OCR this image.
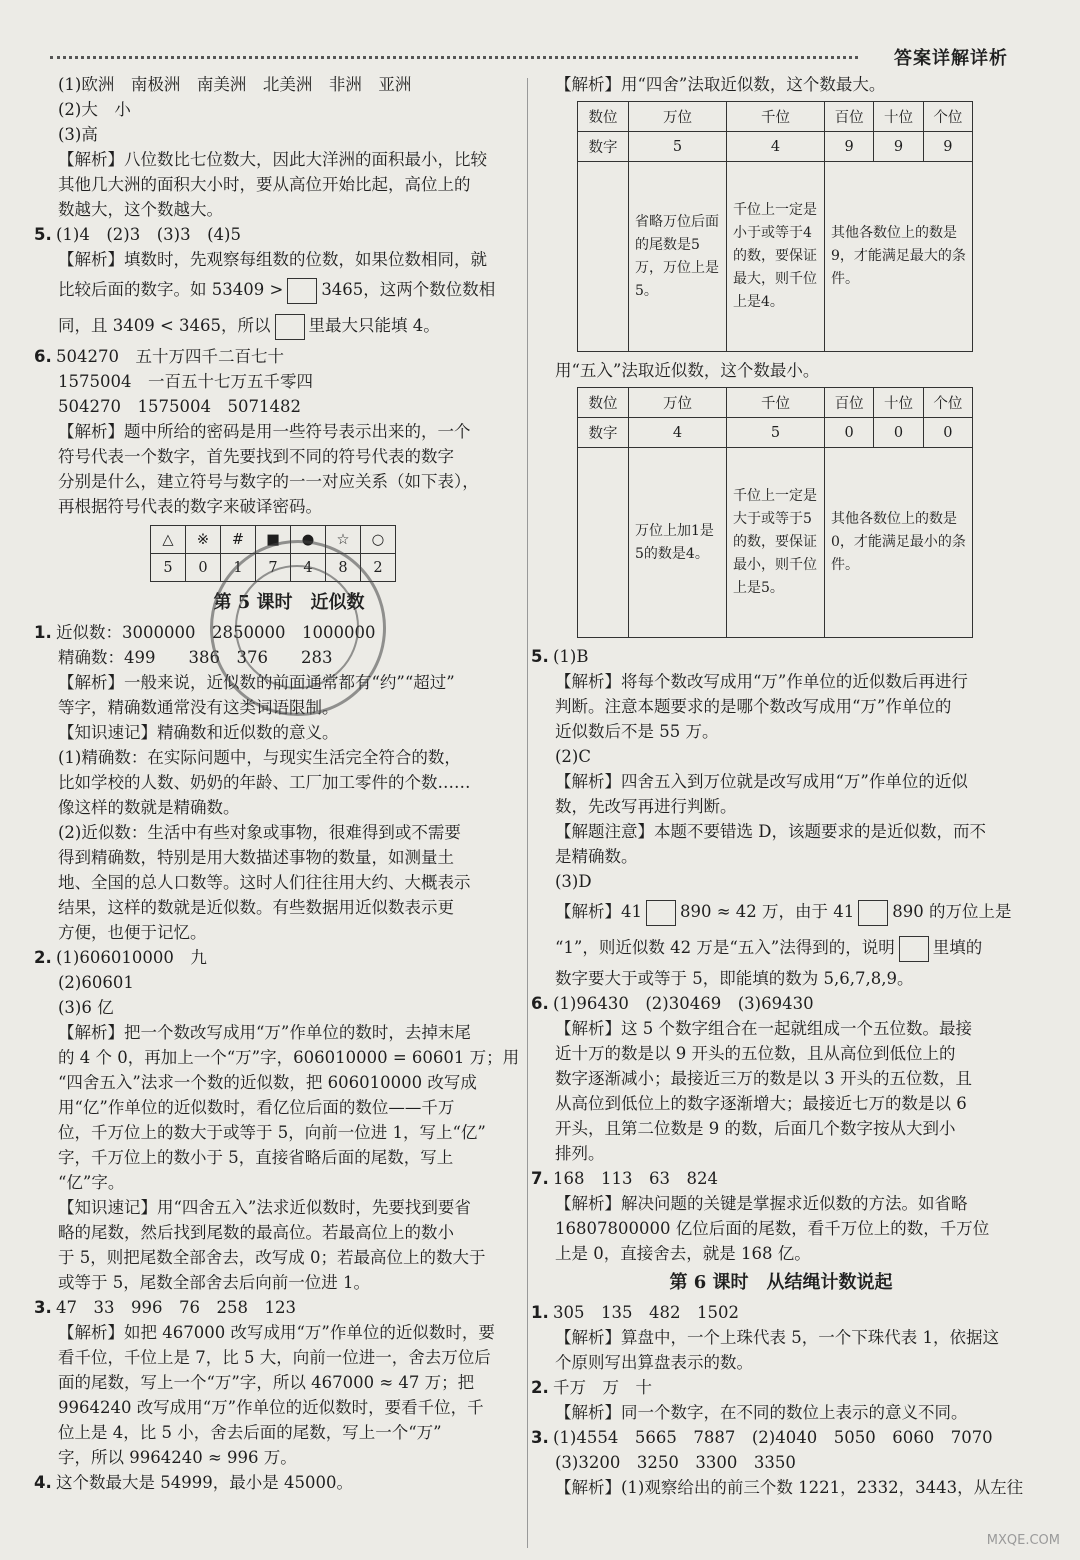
答案详解详析

(1)欧洲　南极洲　南美洲　北美洲　非洲　亚洲

(2)大　小

(3)高

【解析】八位数比七位数大，因此大洋洲的面积最小，比较

其他几大洲的面积大小时，要从高位开始比起，高位上的

数越大，这个数越大。

5. (1)4　(2)3　(3)3　(4)5

【解析】填数时，先观察每组数的位数，如果位数相同，就

比较后面的数字。如 53409 > 3465，这两个数位数相

同，且 3409 < 3465，所以 里最大只能填 4。

6. 504270　五十万四千二百七十

1575004　一百五十七万五千零四

504270　1575004　5071482

【解析】题中所给的密码是用一些符号表示出来的，一个

符号代表一个数字，首先要找到不同的符号代表的数字

分别是什么，建立符号与数字的一一对应关系（如下表），

再根据符号代表的数字来破译密码。

△	※	#	■	●	☆	○
5	0	1	7	4	8	2

第 5 课时　近似数

1. 近似数：3000000　2850000　1000000

精确数：499　　386　376　　283

【解析】一般来说，近似数的前面通常都有“约”“超过”

等字，精确数通常没有这类词语限制。

【知识速记】精确数和近似数的意义。

(1)精确数：在实际问题中，与现实生活完全符合的数，

比如学校的人数、奶奶的年龄、工厂加工零件的个数……

像这样的数就是精确数。

(2)近似数：生活中有些对象或事物，很难得到或不需要

得到精确数，特别是用大数描述事物的数量，如测量土

地、全国的总人口数等。这时人们往往用大约、大概表示

结果，这样的数就是近似数。有些数据用近似数表示更

方便，也便于记忆。

2. (1)606010000　九

(2)60601

(3)6 亿

【解析】把一个数改写成用“万”作单位的数时，去掉末尾

的 4 个 0，再加上一个“万”字，606010000 = 60601 万；用

“四舍五入”法求一个数的近似数，把 606010000 改写成

用“亿”作单位的近似数时，看亿位后面的数位——千万

位，千万位上的数大于或等于 5，向前一位进 1，写上“亿”

字，千万位上的数小于 5，直接省略后面的尾数，写上

“亿”字。

【知识速记】用“四舍五入”法求近似数时，先要找到要省

略的尾数，然后找到尾数的最高位。若最高位上的数小

于 5，则把尾数全部舍去，改写成 0；若最高位上的数大于

或等于 5，尾数全部舍去后向前一位进 1。

3. 47　33　996　76　258　123

【解析】如把 467000 改写成用“万”作单位的近似数时，要

看千位，千位上是 7，比 5 大，向前一位进一，舍去万位后

面的尾数，写上一个“万”字，所以 467000 ≈ 47 万；把

9964240 改写成用“万”作单位的近似数时，要看千位，千

位上是 4，比 5 小，舍去后面的尾数，写上一个“万”

字，所以 9964240 ≈ 996 万。

4. 这个数最大是 54999，最小是 45000。

【解析】用“四舍”法取近似数，这个数最大。

数位	万位	千位	百位	十位	个位
数字	5	4	9	9	9
	省略万位后面的尾数是5万，万位上是5。	千位上一定是小于或等于4的数，要保证最大，则千位上是4。	其他各数位上的数是9，才能满足最大的条件。		

用“五入”法取近似数，这个数最小。

数位	万位	千位	百位	十位	个位
数字	4	5	0	0	0
	万位上加1是5的数是4。	千位上一定是大于或等于5的数，要保证最小，则千位上是5。	其他各数位上的数是0，才能满足最小的条件。		

5. (1)B

【解析】将每个数改写成用“万”作单位的近似数后再进行

判断。注意本题要求的是哪个数改写成用“万”作单位的

近似数后不是 55 万。

(2)C

【解析】四舍五入到万位就是改写成用“万”作单位的近似

数，先改写再进行判断。

【解题注意】本题不要错选 D，该题要求的是近似数，而不

是精确数。

(3)D

【解析】41 890 ≈ 42 万，由于 41 890 的万位上是

“1”，则近似数 42 万是“五入”法得到的，说明 里填的

数字要大于或等于 5，即能填的数为 5,6,7,8,9。

6. (1)96430　(2)30469　(3)69430

【解析】这 5 个数字组合在一起就组成一个五位数。最接

近十万的数是以 9 开头的五位数，且从高位到低位上的

数字逐渐减小；最接近三万的数是以 3 开头的五位数，且

从高位到低位上的数字逐渐增大；最接近七万的数是以 6

开头，且第二位数是 9 的数，后面几个数字按从大到小

排列。

7. 168　113　63　824

【解析】解决问题的关键是掌握求近似数的方法。如省略

16807800000 亿位后面的尾数，看千万位上的数，千万位

上是 0，直接舍去，就是 168 亿。

第 6 课时　从结绳计数说起

1. 305　135　482　1502

【解析】算盘中，一个上珠代表 5，一个下珠代表 1，依据这

个原则写出算盘表示的数。

2. 千万　万　十

【解析】同一个数字，在不同的数位上表示的意义不同。

3. (1)4554　5665　7887　(2)4040　5050　6060　7070

(3)3200　3250　3300　3350

【解析】(1)观察给出的前三个数 1221，2332，3443，从左往

MXQE.COM
